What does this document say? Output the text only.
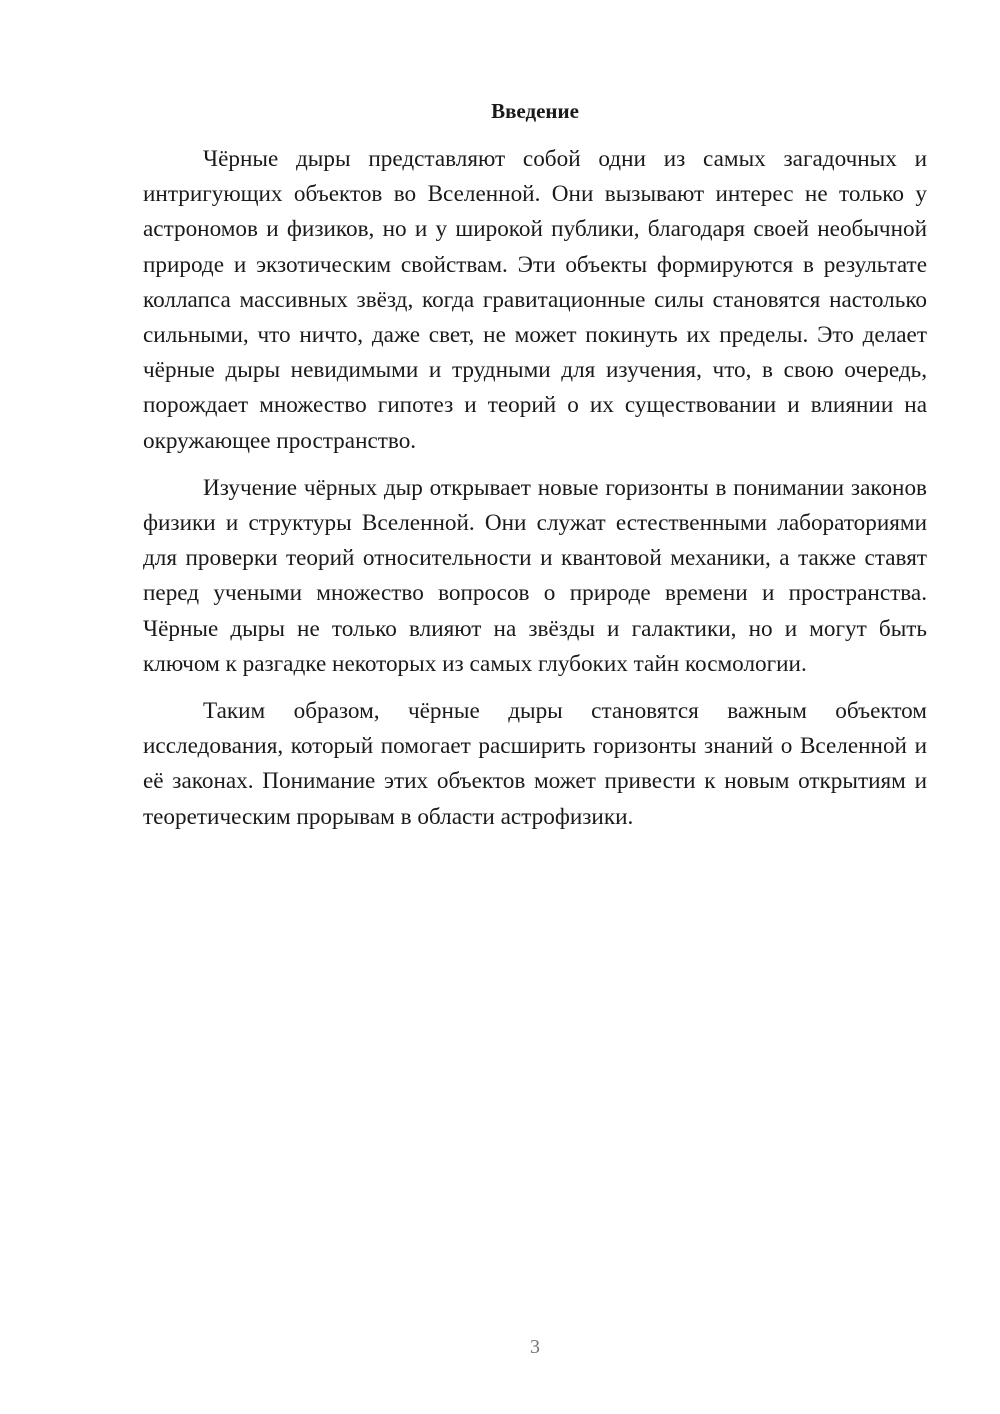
Введение

Чёрные дыры представляют собой одни из самых загадочных и интригующих объектов во Вселенной. Они вызывают интерес не только у астрономов и физиков, но и у широкой публики, благодаря своей необычной природе и экзотическим свойствам. Эти объекты формируются в результате коллапса массивных звёзд, когда гравитационные силы становятся настолько сильными, что ничто, даже свет, не может покинуть их пределы. Это делает чёрные дыры невидимыми и трудными для изучения, что, в свою очередь, порождает множество гипотез и теорий о их существовании и влиянии на окружающее пространство.

Изучение чёрных дыр открывает новые горизонты в понимании законов физики и структуры Вселенной. Они служат естественными лабораториями для проверки теорий относительности и квантовой механики, а также ставят перед учеными множество вопросов о природе времени и пространства. Чёрные дыры не только влияют на звёзды и галактики, но и могут быть ключом к разгадке некоторых из самых глубоких тайн космологии.

Таким образом, чёрные дыры становятся важным объектом исследования, который помогает расширить горизонты знаний о Вселенной и её законах. Понимание этих объектов может привести к новым открытиям и теоретическим прорывам в области астрофизики.

3
